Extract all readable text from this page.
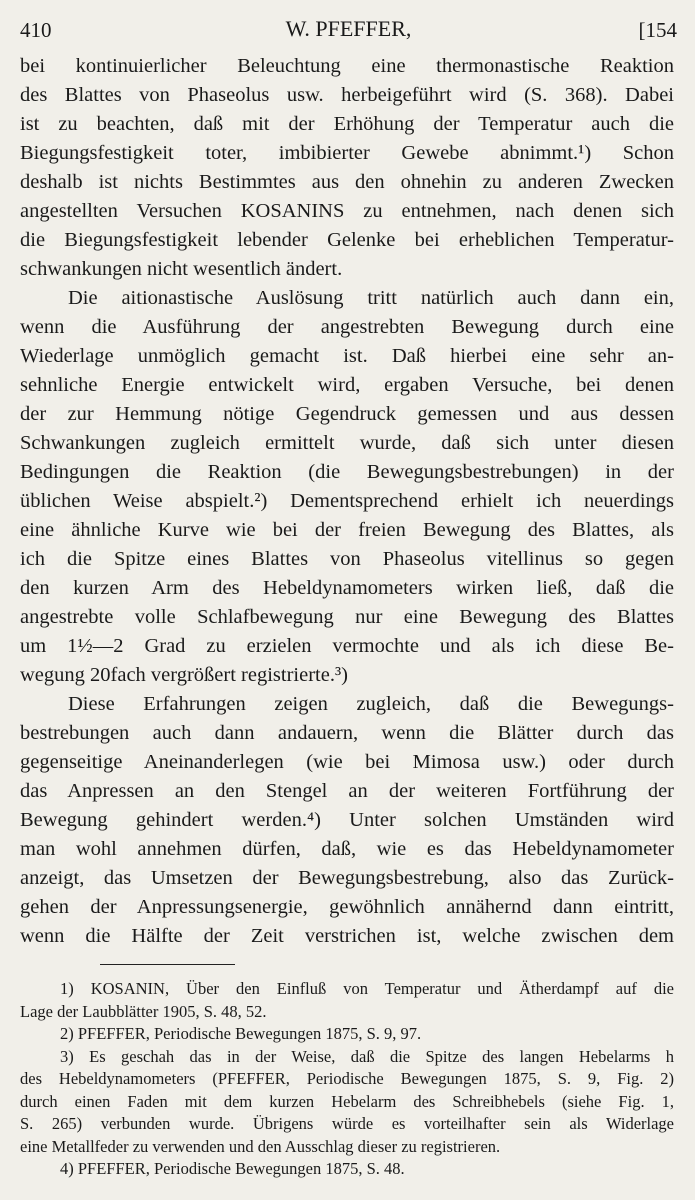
410	W. PFEFFER,	[154
bei kontinuierlicher Beleuchtung eine thermonastische Reaktion
des Blattes von Phaseolus usw. herbeigeführt wird (S. 368). Dabei
ist zu beachten, daß mit der Erhöhung der Temperatur auch die
Biegungsfestigkeit toter, imbibierter Gewebe abnimmt.¹) Schon
deshalb ist nichts Bestimmtes aus den ohnehin zu anderen Zwecken
angestellten Versuchen KOSANINS zu entnehmen, nach denen sich
die Biegungsfestigkeit lebender Gelenke bei erheblichen Temperatur-
schwankungen nicht wesentlich ändert.
Die aitionastische Auslösung tritt natürlich auch dann ein,
wenn die Ausführung der angestrebten Bewegung durch eine
Wiederlage unmöglich gemacht ist. Daß hierbei eine sehr an-
sehnliche Energie entwickelt wird, ergaben Versuche, bei denen
der zur Hemmung nötige Gegendruck gemessen und aus dessen
Schwankungen zugleich ermittelt wurde, daß sich unter diesen
Bedingungen die Reaktion (die Bewegungsbestrebungen) in der
üblichen Weise abspielt.²) Dementsprechend erhielt ich neuerdings
eine ähnliche Kurve wie bei der freien Bewegung des Blattes, als
ich die Spitze eines Blattes von Phaseolus vitellinus so gegen
den kurzen Arm des Hebeldynamometers wirken ließ, daß die
angestrebte volle Schlafbewegung nur eine Bewegung des Blattes
um 1½—2 Grad zu erzielen vermochte und als ich diese Be-
wegung 20fach vergrößert registrierte.³)
Diese Erfahrungen zeigen zugleich, daß die Bewegungs-
bestrebungen auch dann andauern, wenn die Blätter durch das
gegenseitige Aneinanderlegen (wie bei Mimosa usw.) oder durch
das Anpressen an den Stengel an der weiteren Fortführung der
Bewegung gehindert werden.⁴) Unter solchen Umständen wird
man wohl annehmen dürfen, daß, wie es das Hebeldynamometer
anzeigt, das Umsetzen der Bewegungsbestrebung, also das Zurück-
gehen der Anpressungsenergie, gewöhnlich annähernd dann eintritt,
wenn die Hälfte der Zeit verstrichen ist, welche zwischen dem
1) KOSANIN, Über den Einfluß von Temperatur und Ätherdampf auf die
Lage der Laubblätter 1905, S. 48, 52.
2) PFEFFER, Periodische Bewegungen 1875, S. 9, 97.
3) Es geschah das in der Weise, daß die Spitze des langen Hebelarms h
des Hebeldynamometers (PFEFFER, Periodische Bewegungen 1875, S. 9, Fig. 2)
durch einen Faden mit dem kurzen Hebelarm des Schreibhebels (siehe Fig. 1,
S. 265) verbunden wurde. Übrigens würde es vorteilhafter sein als Widerlage
eine Metallfeder zu verwenden und den Ausschlag dieser zu registrieren.
4) PFEFFER, Periodische Bewegungen 1875, S. 48.
